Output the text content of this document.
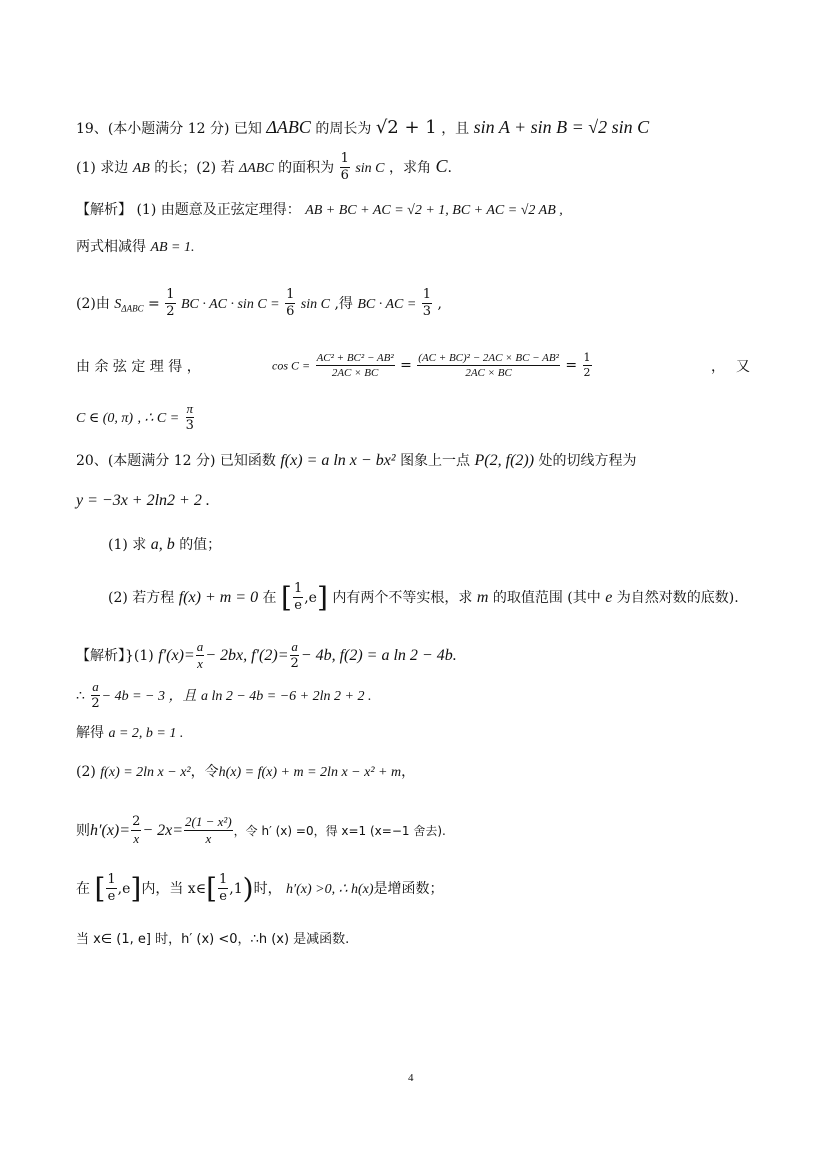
19、(本小题满分 12 分) 已知 ΔABC 的周长为 √2 + 1 ，且 sin A + sin B = √2 sin C
(1) 求边 AB 的长；(2) 若 ΔABC 的面积为 $\frac{1}{6}$ sin C ，求角 C.
【解析】 (1) 由题意及正弦定理得： AB + BC + AC = √2 + 1, BC + AC = √2 AB ,
两式相减得 AB = 1.
(2)由 $S_{\Delta ABC} = \frac{1}{2}$ BC · AC · $\sin C = \frac{1}{6}$ sin C ,得 BC · AC = $\frac{1}{3}$ ,
由 余 弦 定 理 得 ，	$\cos C = \frac{\text{AC² + BC² − AB²}}{2AC \times BC} = \frac{\text{(AC + BC)² − 2AC × BC − AB²}}{2AC \times BC} = \frac{1}{2}$	， 又
C ∈ (0, π) , ∴ $C = \frac{\pi}{3}$
20、(本题满分 12 分) 已知函数 f(x) = a ln x − bx² 图象上一点 P(2, f(2)) 处的切线方程为
y = −3x + 2ln2 + 2 .
(1) 求 a, b 的值；
(2) 若方程 f(x) + m = 0 在 [ $\frac{1}{e} ,e$] 内有两个不等实根，求 m 的取值范围 (其中 e 为自然对数的底数).
【解析】}(1) $f'(x)= \frac{a}{x} - 2bx$, $f'(2)= \frac{a}{2} - 4b$, f(2) = a ln 2 − 4b.
∴ $\frac{a}{2} - 4b$ = − 3 ，且 a ln 2 − 4b = −6 + 2ln 2 + 2 .
解得 a = 2, b = 1 .
(2) f(x) = 2ln x − x²，令h(x) = f(x) + m = 2ln x − x² + m，
则$h'(x)= \frac{2}{x} - 2x= \frac{\text{2(1 − x²)}}{x}$ ，令 h′ (x) =0，得 x=1 (x=−1 舍去).
在 [ $\frac{1}{e} ,e$]内，当 x∈[ $\frac{1}{e} ,1$)时， h′(x) >0, ∴ h(x)是增函数；
当 x∈ (1, e] 时，h′ (x) <0，∴h (x) 是减函数.
4
